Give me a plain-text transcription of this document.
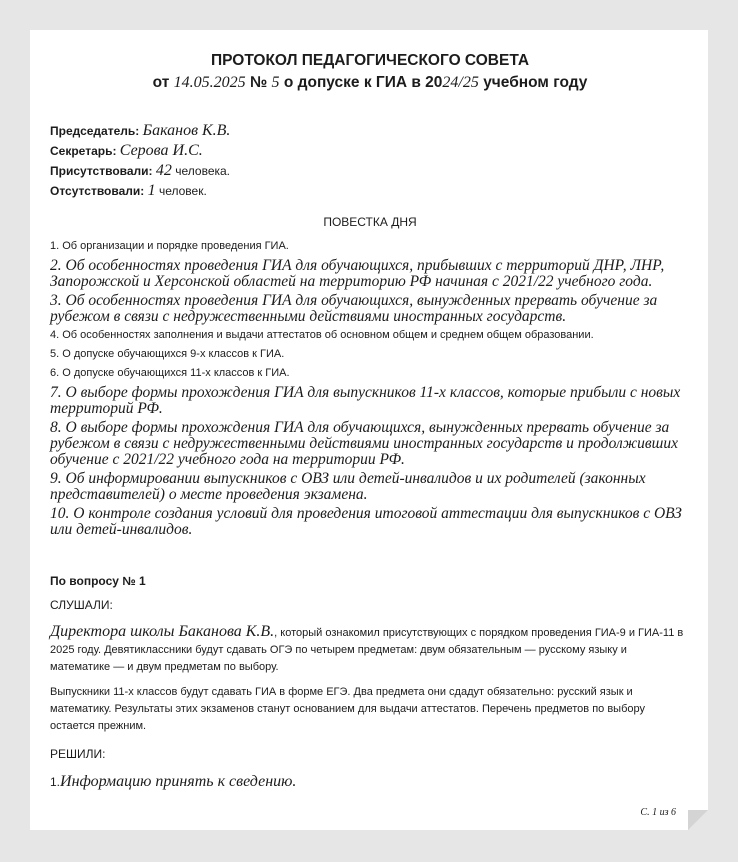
ПРОТОКОЛ ПЕДАГОГИЧЕСКОГО СОВЕТА
от 14.05.2025 № 5 о допуске к ГИА в 2024/25 учебном году
Председатель: Баканов К.В.
Секретарь: Серова И.С.
Присутствовали: 42 человека.
Отсутствовали: 1 человек.
ПОВЕСТКА ДНЯ

1. Об организации и порядке проведения ГИА.

2. Об особенностях проведения ГИА для обучающихся, прибывших с территорий ДНР, ЛНР, Запорожской и Херсонской областей на территорию РФ начиная с 2021/22 учебного года.

3. Об особенностях проведения ГИА для обучающихся, вынужденных прервать обучение за рубежом в связи с недружественными действиями иностранных государств.

4. Об особенностях заполнения и выдачи аттестатов об основном общем и среднем общем образовании.

5. О допуске обучающихся 9-х классов к ГИА.

6. О допуске обучающихся 11-х классов к ГИА.

7. О выборе формы прохождения ГИА для выпускников 11-х классов, которые прибыли с новых территорий РФ.

8. О выборе формы прохождения ГИА для обучающихся, вынужденных прервать обучение за рубежом в связи с недружественными действиями иностранных государств и продолживших обучение с 2021/22 учебного года на территории РФ.

9. Об информировании выпускников с ОВЗ или детей-инвалидов и их родителей (законных представителей) о месте проведения экзамена.

10. О контроле создания условий для проведения итоговой аттестации для выпускников с ОВЗ или детей-инвалидов.

По вопросу № 1
СЛУШАЛИ:
Директора школы Баканова К.В., который ознакомил присутствующих с порядком проведения ГИА-9 и ГИА-11 в 2025 году. Девятиклассники будут сдавать ОГЭ по четырем предметам: двум обязательным — русскому языку и математике — и двум предметам по выбору.
Выпускники 11-х классов будут сдавать ГИА в форме ЕГЭ. Два предмета они сдадут обязательно: русский язык и математику. Результаты этих экзаменов станут основанием для выдачи аттестатов. Перечень предметов по выбору остается прежним.
РЕШИЛИ:
1.Информацию принять к сведению.
С. 1 из 6
